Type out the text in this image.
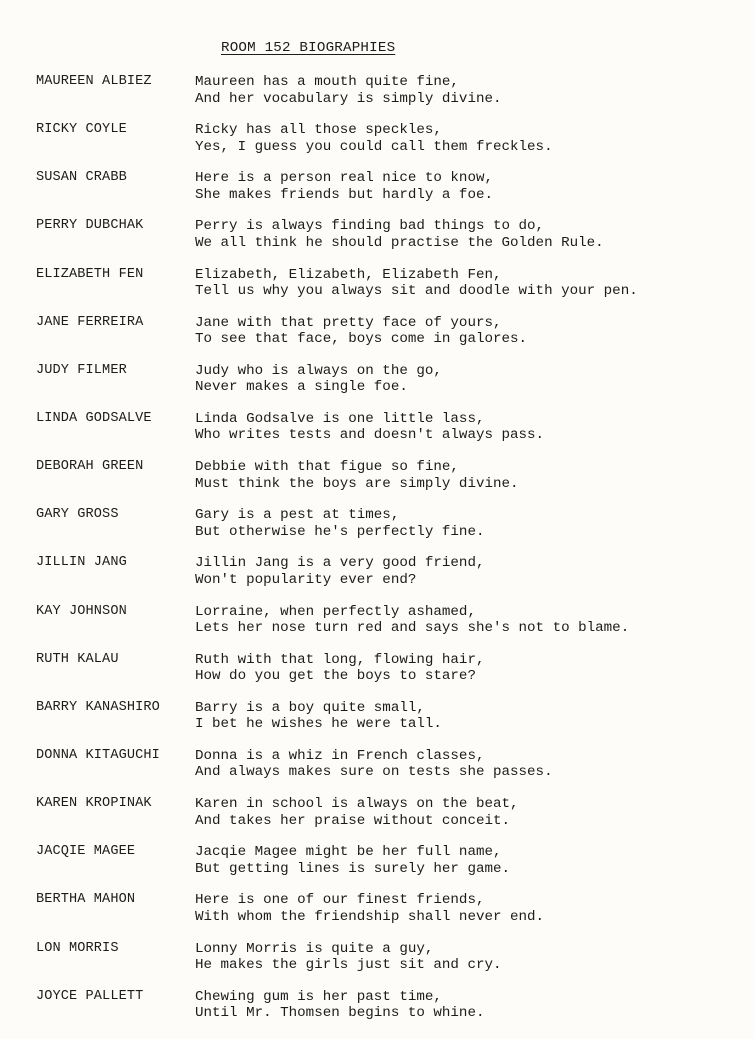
ROOM 152 BIOGRAPHIES
MAUREEN ALBIEZ	Maureen has a mouth quite fine,
And her vocabulary is simply divine.
RICKY COYLE	Ricky has all those speckles,
Yes, I guess you could call them freckles.
SUSAN CRABB	Here is a person real nice to know,
She makes friends but hardly a foe.
PERRY DUBCHAK	Perry is always finding bad things to do,
We all think he should practise the Golden Rule.
ELIZABETH FEN	Elizabeth, Elizabeth, Elizabeth Fen,
Tell us why you always sit and doodle with your pen.
JANE FERREIRA	Jane with that pretty face of yours,
To see that face, boys come in galores.
JUDY FILMER	Judy who is always on the go,
Never makes a single foe.
LINDA GODSALVE	Linda Godsalve is one little lass,
Who writes tests and doesn't always pass.
DEBORAH GREEN	Debbie with that figue so fine,
Must think the boys are simply divine.
GARY GROSS	Gary is a pest at times,
But otherwise he's perfectly fine.
JILLIN JANG	Jillin Jang is a very good friend,
Won't popularity ever end?
KAY JOHNSON	Lorraine, when perfectly ashamed,
Lets her nose turn red and says she's not to blame.
RUTH KALAU	Ruth with that long, flowing hair,
How do you get the boys to stare?
BARRY KANASHIRO	Barry is a boy quite small,
I bet he wishes he were tall.
DONNA KITAGUCHI	Donna is a whiz in French classes,
And always makes sure on tests she passes.
KAREN KROPINAK	Karen in school is always on the beat,
And takes her praise without conceit.
JACQIE MAGEE	Jacqie Magee might be her full name,
But getting lines is surely her game.
BERTHA MAHON	Here is one of our finest friends,
With whom the friendship shall never end.
LON MORRIS	Lonny Morris is quite a guy,
He makes the girls just sit and cry.
JOYCE PALLETT	Chewing gum is her past time,
Until Mr. Thomsen begins to whine.
